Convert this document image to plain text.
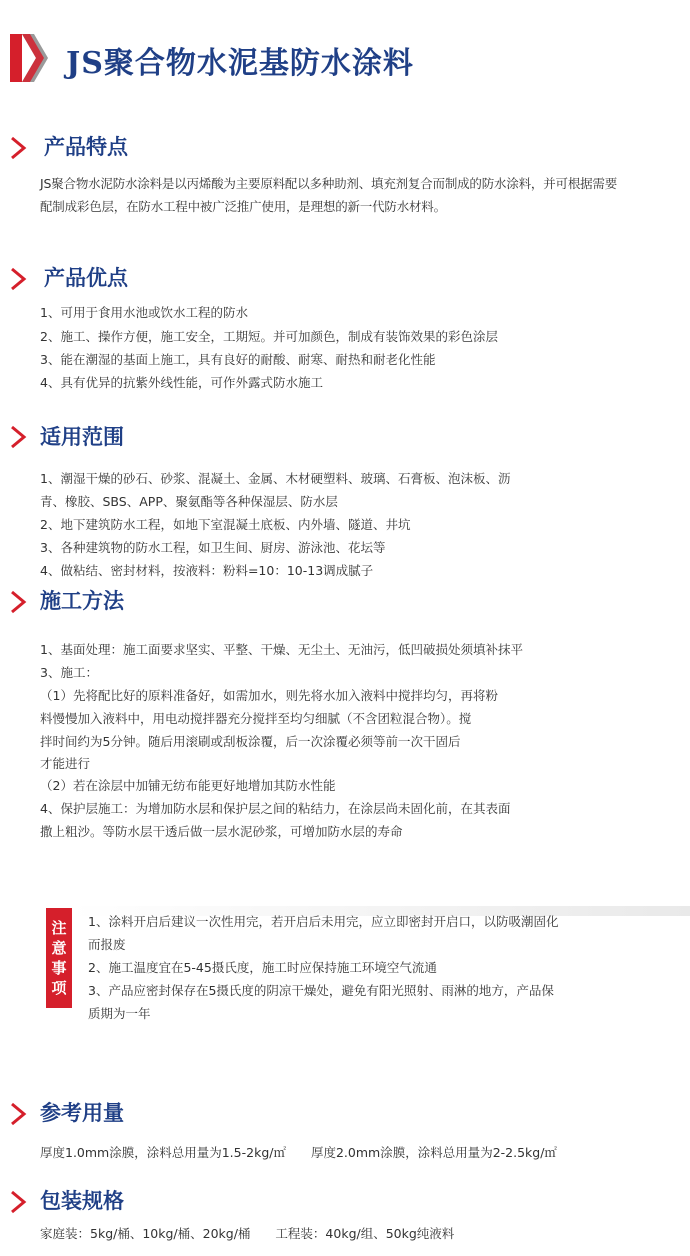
JS聚合物水泥基防水涂料
产品特点
JS聚合物水泥防水涂料是以丙烯酸为主要原料配以多种助剂、填充剂复合而制成的防水涂料，并可根据需要
配制成彩色层，在防水工程中被广泛推广使用，是理想的新一代防水材料。
产品优点
1、可用于食用水池或饮水工程的防水
2、施工、操作方便，施工安全，工期短。并可加颜色，制成有装饰效果的彩色涂层
3、能在潮湿的基面上施工，具有良好的耐酸、耐寒、耐热和耐老化性能
4、具有优异的抗紫外线性能，可作外露式防水施工
适用范围
1、潮湿干燥的砂石、砂浆、混凝土、金属、木材硬塑料、玻璃、石膏板、泡沫板、沥
青、橡胶、SBS、APP、聚氨酯等各种保湿层、防水层
2、地下建筑防水工程，如地下室混凝土底板、内外墙、隧道、井坑
3、各种建筑物的防水工程，如卫生间、厨房、游泳池、花坛等
4、做粘结、密封材料，按液料：粉料=10：10-13调成腻子
施工方法
1、基面处理：施工面要求坚实、平整、干燥、无尘土、无油污，低凹破损处须填补抹平
3、施工：
（1）先将配比好的原料准备好，如需加水，则先将水加入液料中搅拌均匀，再将粉
料慢慢加入液料中，用电动搅拌器充分搅拌至均匀细腻（不含团粒混合物）。搅
拌时间约为5分钟。随后用滚刷或刮板涂覆，后一次涂覆必须等前一次干固后
才能进行
（2）若在涂层中加铺无纺布能更好地增加其防水性能
4、保护层施工：为增加防水层和保护层之间的粘结力，在涂层尚未固化前，在其表面
撒上粗沙。等防水层干透后做一层水泥砂浆，可增加防水层的寿命
注
意
事
项
1、涂料开启后建议一次性用完，若开启后未用完，应立即密封开启口，以防吸潮固化
而报废
2、施工温度宜在5-45摄氏度，施工时应保持施工环境空气流通
3、产品应密封保存在5摄氏度的阴凉干燥处，避免有阳光照射、雨淋的地方，产品保
质期为一年
参考用量
厚度1.0mm涂膜，涂料总用量为1.5-2kg/㎡　　厚度2.0mm涂膜，涂料总用量为2-2.5kg/㎡
包装规格
家庭装：5kg/桶、10kg/桶、20kg/桶　　工程装：40kg/组、50kg纯液料
